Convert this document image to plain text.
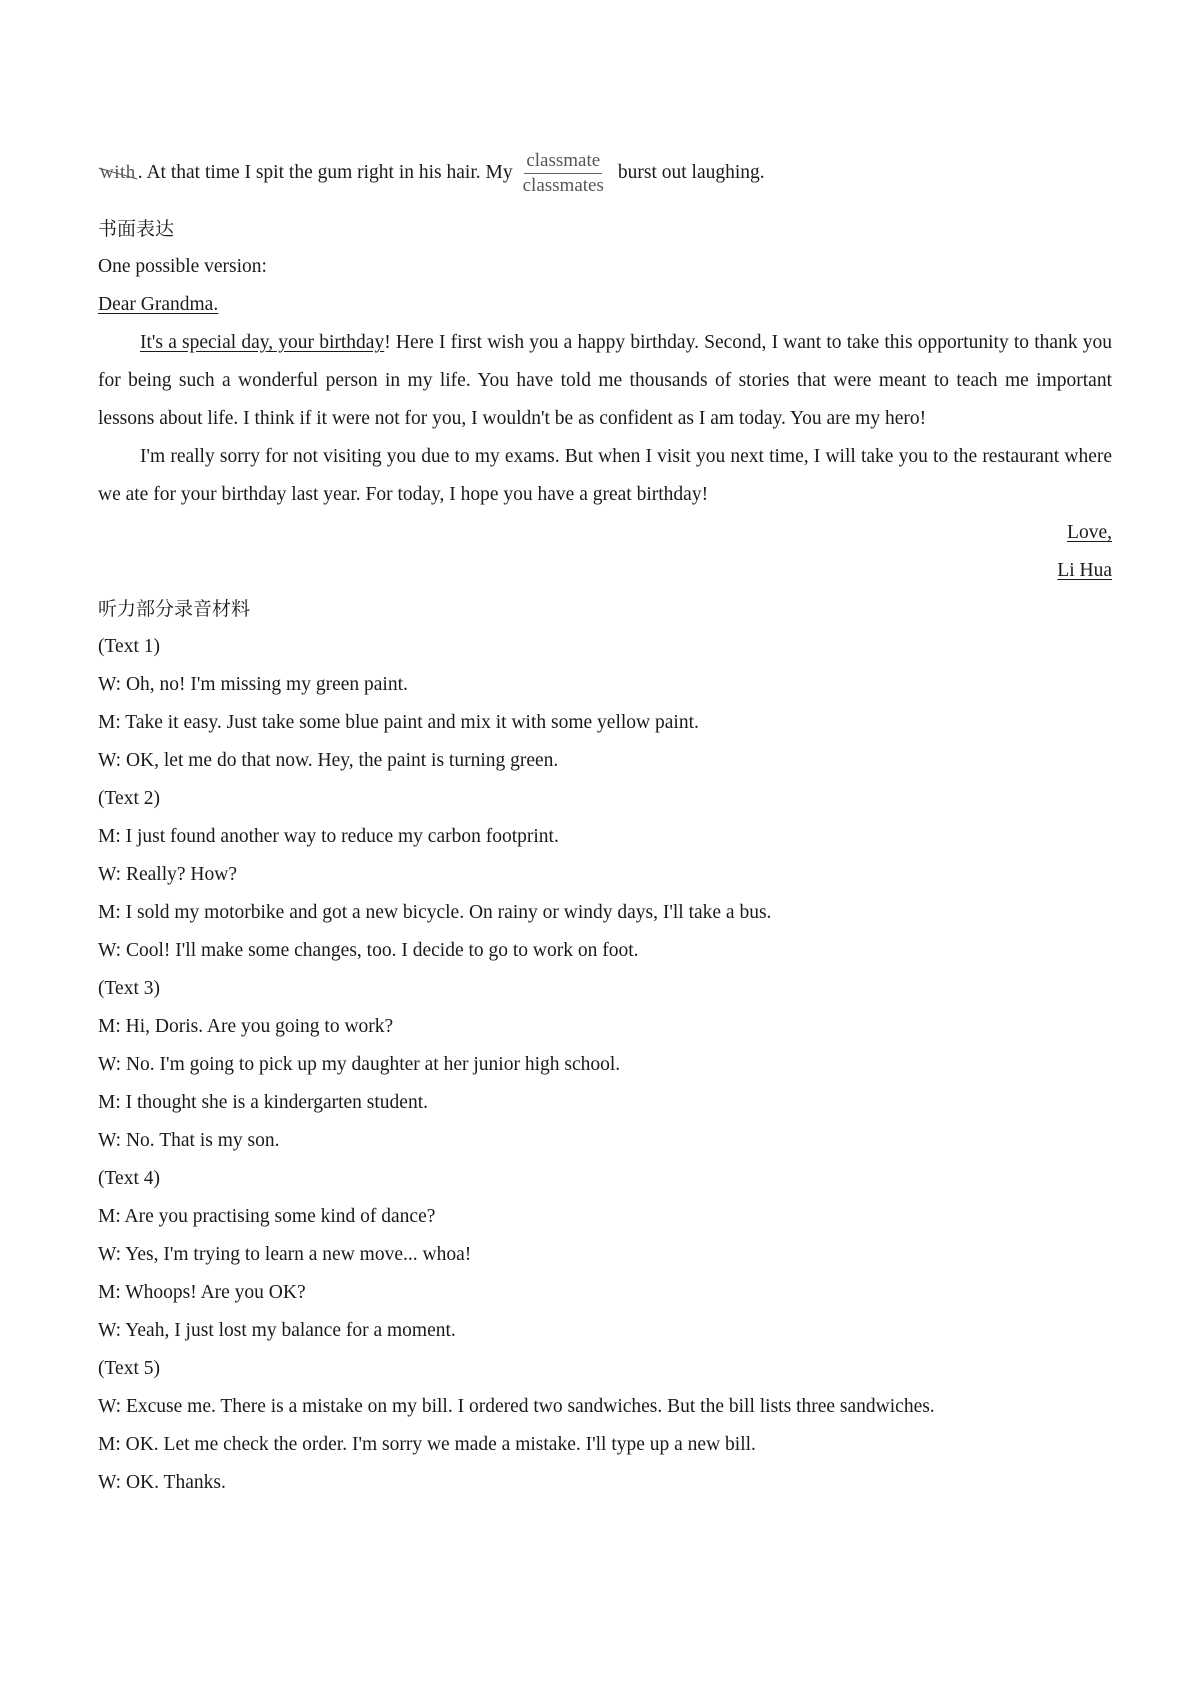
with . At that time I spit the gum right in his hair. My
classmate
classmates
burst out laughing.
书面表达
One possible version:
Dear Grandma.
It's a special day, your birthday! Here I first wish you a happy birthday. Second, I want to take this opportunity to thank you for being such a wonderful person in my life. You have told me thousands of stories that were meant to teach me important lessons about life. I think if it were not for you, I wouldn't be as confident as I am today. You are my hero!
I'm really sorry for not visiting you due to my exams. But when I visit you next time, I will take you to the restaurant where we ate for your birthday last year. For today, I hope you have a great birthday!
Love,
Li Hua
听力部分录音材料
(Text 1)
W: Oh, no! I'm missing my green paint.
M: Take it easy. Just take some blue paint and mix it with some yellow paint.
W: OK, let me do that now. Hey, the paint is turning green.
(Text 2)
M: I just found another way to reduce my carbon footprint.
W: Really? How?
M: I sold my motorbike and got a new bicycle. On rainy or windy days, I'll take a bus.
W: Cool! I'll make some changes, too. I decide to go to work on foot.
(Text 3)
M: Hi, Doris. Are you going to work?
W: No. I'm going to pick up my daughter at her junior high school.
M: I thought she is a kindergarten student.
W: No. That is my son.
(Text 4)
M: Are you practising some kind of dance?
W: Yes, I'm trying to learn a new move... whoa!
M: Whoops! Are you OK?
W: Yeah, I just lost my balance for a moment.
(Text 5)
W: Excuse me. There is a mistake on my bill. I ordered two sandwiches. But the bill lists three sandwiches.
M: OK. Let me check the order. I'm sorry we made a mistake. I'll type up a new bill.
W: OK. Thanks.
